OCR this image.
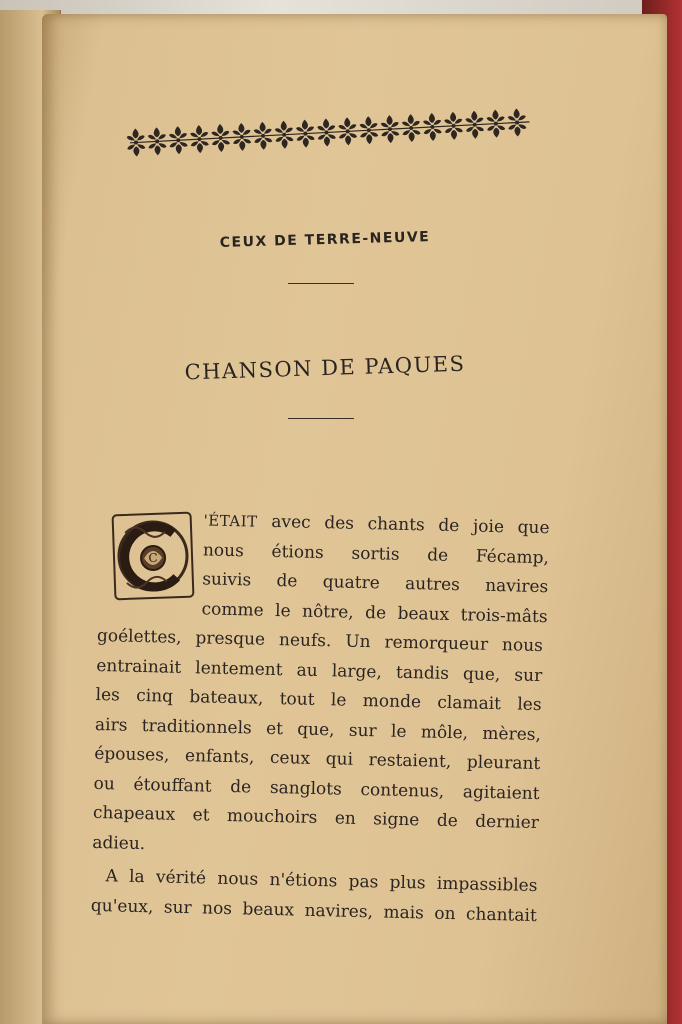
CEUX DE TERRE-NEUVE
CHANSON DE PAQUES
C
'ÉTAIT avec des chants de joie que
nous étions sortis de Fécamp,
suivis de quatre autres navires
comme le nôtre, de beaux trois-mâts
goélettes, presque neufs. Un remorqueur nous
entrainait lentement au large, tandis que, sur
les cinq bateaux, tout le monde clamait les
airs traditionnels et que, sur le môle, mères,
épouses, enfants, ceux qui restaient, pleurant
ou étouffant de sanglots contenus, agitaient
chapeaux et mouchoirs en signe de dernier
adieu.
A la vérité nous n'étions pas plus impassibles
qu'eux, sur nos beaux navires, mais on chantait
